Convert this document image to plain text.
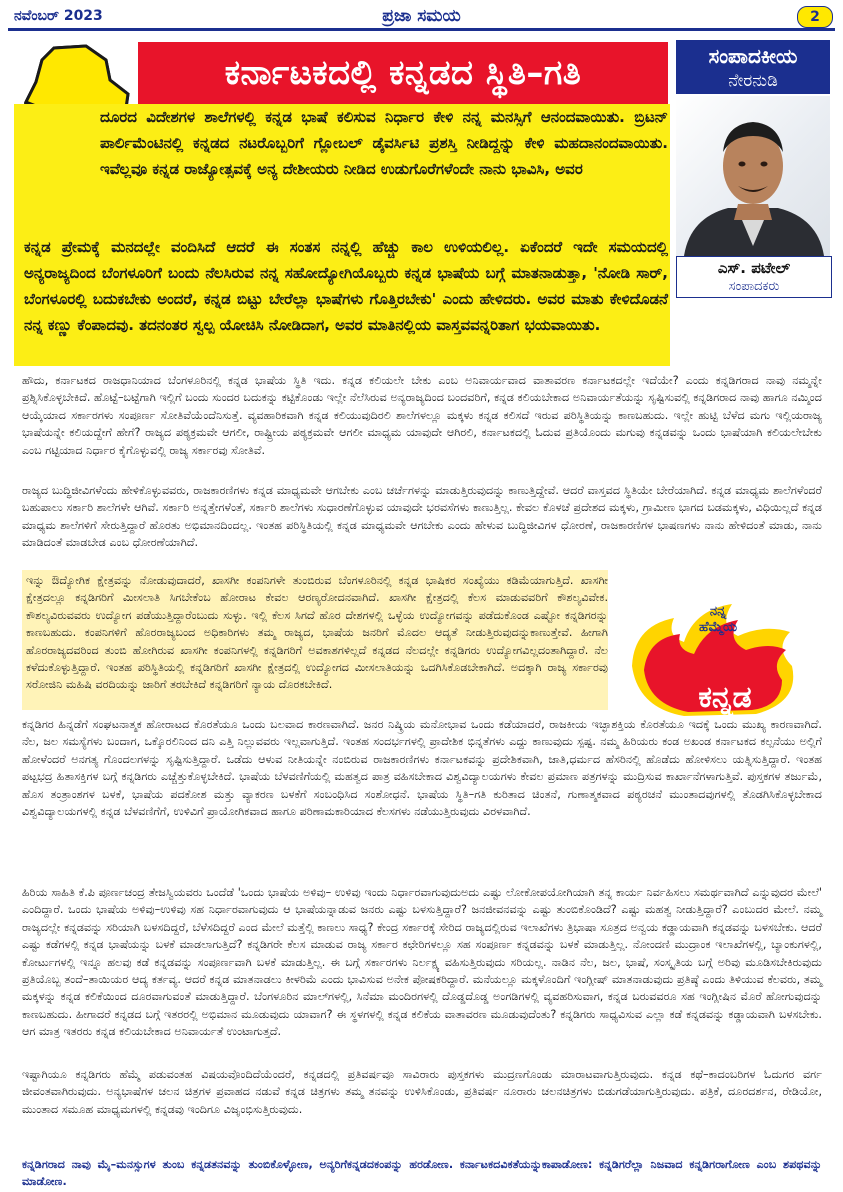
ನವೆಂಬರ್ 2023	ಪ್ರಜಾ ಸಮಯ	2
ಕರ್ನಾಟಕದಲ್ಲಿ ಕನ್ನಡದ ಸ್ಥಿತಿ–ಗತಿ
ದೂರದ ವಿದೇಶಗಳ ಶಾಲೆಗಳಲ್ಲಿ ಕನ್ನಡ ಭಾಷೆ ಕಲಿಸುವ ನಿರ್ಧಾರ ಕೇಳಿ ನನ್ನ ಮನಸ್ಸಿಗೆ ಆನಂದವಾಯಿತು. ಬ್ರಿಟನ್ ಪಾರ್ಲಿಮೆಂಟಿನಲ್ಲಿ ಕನ್ನಡದ ನಟರೊಬ್ಬರಿಗೆ ಗ್ಲೋಬಲ್ ಡೈವರ್ಸಿಟಿ ಪ್ರಶಸ್ತಿ ನೀಡಿದ್ದನ್ನು ಕೇಳಿ ಮಹದಾನಂದವಾಯಿತು. ಇವೆಲ್ಲವೂ ಕನ್ನಡ ರಾಜ್ಯೋತ್ಸವಕ್ಕೆ ಅನ್ಯ ದೇಶೀಯರು ನೀಡಿದ ಉಡುಗೊರೆಗಳೆಂದೇ ನಾನು ಭಾವಿಸಿ, ಅವರ
ಕನ್ನಡ ಪ್ರೇಮಕ್ಕೆ ಮನದಲ್ಲೇ ವಂದಿಸಿದೆ ಆದರೆ ಈ ಸಂತಸ ನನ್ನಲ್ಲಿ ಹೆಚ್ಚು ಕಾಲ ಉಳಿಯಲಿಲ್ಲ. ಏಕೆಂದರೆ ಇದೇ ಸಮಯದಲ್ಲಿ ಅನ್ಯರಾಜ್ಯದಿಂದ ಬೆಂಗಳೂರಿಗೆ ಬಂದು ನೆಲಸಿರುವ ನನ್ನ ಸಹೋದ್ಯೋಗಿಯೊಬ್ಬರು ಕನ್ನಡ ಭಾಷೆಯ ಬಗ್ಗೆ ಮಾತನಾಡುತ್ತಾ, 'ನೋಡಿ ಸಾರ್, ಬೆಂಗಳೂರಲ್ಲಿ ಬದುಕಬೇಕು ಅಂದರೆ, ಕನ್ನಡ ಬಿಟ್ಟು ಬೇರೆಲ್ಲಾ ಭಾಷೆಗಳು ಗೊತ್ತಿರಬೇಕು' ಎಂದು ಹೇಳಿದರು. ಅವರ ಮಾತು ಕೇಳಿದೊಡನೆ ನನ್ನ ಕಣ್ಣು ಕೆಂಪಾದವು. ತದನಂತರ ಸ್ವಲ್ಪ ಯೋಚಿಸಿ ನೋಡಿದಾಗ, ಅವರ ಮಾತಿನಲ್ಲಿಯ ವಾಸ್ತವವನ್ನರಿತಾಗ ಭಯವಾಯಿತು.
ಸಂಪಾದಕೀಯ
ನೇರನುಡಿ
ಎಸ್. ಪಟೇಲ್
ಸಂಪಾದಕರು
ಹೌದು, ಕರ್ನಾಟಕದ ರಾಜಧಾನಿಯಾದ ಬೆಂಗಳೂರಿನಲ್ಲಿ ಕನ್ನಡ ಭಾಷೆಯ ಸ್ಥಿತಿ ಇದು. ಕನ್ನಡ ಕಲಿಯಲೇ ಬೇಕು ಎಂಬ ಅನಿವಾರ್ಯವಾದ ವಾತಾವರಣ ಕರ್ನಾಟಕದಲ್ಲೇ ಇದೆಯೇ? ಎಂದು ಕನ್ನಡಿಗರಾದ ನಾವು ನಮ್ಮನ್ನೇ ಪ್ರಶ್ನಿಸಿಕೊಳ್ಳಬೇಕಿದೆ. ಹೊಟ್ಟೆ–ಬಟ್ಟೆಗಾಗಿ ಇಲ್ಲಿಗೆ ಬಂದು ಸುಂದರ ಬದುಕನ್ನು ಕಟ್ಟಿಕೊಂಡು ಇಲ್ಲೇ ನೆಲೆಸಿರುವ ಅನ್ಯರಾಜ್ಯದಿಂದ ಬಂದವರಿಗೆ, ಕನ್ನಡ ಕಲಿಯಬೇಕಾದ ಅನಿವಾರ್ಯತೆಯನ್ನು ಸೃಷ್ಟಿಸುವಲ್ಲಿ ಕನ್ನಡಿಗರಾದ ನಾವು ಹಾಗೂ ನಮ್ಮಿಂದ ಆಯ್ಕೆಯಾದ ಸರ್ಕಾರಗಳು ಸಂಪೂರ್ಣ ಸೋತಿವೆಯೆಂದೆನಿಸುತ್ತೆ. ವ್ಯವಹಾರಿಕವಾಗಿ ಕನ್ನಡ ಕಲಿಯುವುದಿರಲಿ ಶಾಲೆಗಳಲ್ಲೂ ಮಕ್ಕಳು ಕನ್ನಡ ಕಲಿಸದೆ ಇರುವ ಪರಿಸ್ಥಿತಿಯನ್ನು ಕಾಣಬಹುದು. ಇಲ್ಲೇ ಹುಟ್ಟಿ ಬೆಳೆದ ಮಗು ಇಲ್ಲಿಯರಾಜ್ಯ ಭಾಷೆಯನ್ನೇ ಕಲಿಯದ್ದೇಗೆ ಹೇಗೆ? ರಾಜ್ಯದ ಪಠ್ಯಕ್ರಮವೇ ಆಗಲೀ, ರಾಷ್ಟ್ರೀಯ ಪಠ್ಯಕ್ರಮವೇ ಆಗಲೀ ಮಾಧ್ಯಮ ಯಾವುದೇ ಆಗಿರಲಿ, ಕರ್ನಾಟಕದಲ್ಲಿ ಓದುವ ಪ್ರತಿಯೊಂದು ಮಗುವು ಕನ್ನಡವನ್ನು ಒಂದು ಭಾಷೆಯಾಗಿ ಕಲಿಯಲೇಬೇಕು ಎಂಬ ಗಟ್ಟಿಯಾದ ನಿರ್ಧಾರ ಕೈಗೊಳ್ಳುವಲ್ಲಿ ರಾಜ್ಯ ಸರ್ಕಾರವು ಸೋತಿವೆ.
ರಾಜ್ಯದ ಬುದ್ಧಿಜೀವಿಗಳೆಂದು ಹೇಳಿಕೊಳ್ಳುವವರು, ರಾಜಕಾರಣಿಗಳು ಕನ್ನಡ ಮಾಧ್ಯಮವೇ ಆಗಬೇಕು ಎಂಬ ಚರ್ಚೆಗಳನ್ನು ಮಾಡುತ್ತಿರುವುದನ್ನು ಕಾಣುತ್ತಿದ್ದೇವೆ. ಆದರೆ ವಾಸ್ತವದ ಸ್ಥಿತಿಯೇ ಬೇರೆಯಾಗಿದೆ. ಕನ್ನಡ ಮಾಧ್ಯಮ ಶಾಲೆಗಳೆಂದರೆ ಬಹುಪಾಲು ಸರ್ಕಾರಿ ಶಾಲೆಗಳೇ ಆಗಿವೆ. ಸರ್ಕಾರಿ ಅನ್ನತ್ತೇಗಳೆಂತೆ, ಸರ್ಕಾರಿ ಶಾಲೆಗಳು ಸುಧಾರಣೆಗೊಳ್ಳುವ ಯಾವುದೇ ಭರವಸೆಗಳು ಕಾಣುತ್ತಿಲ್ಲ. ಕೇವಲ ಕೊಳಚೆ ಪ್ರದೇಶದ ಮಕ್ಕಳು, ಗ್ರಾಮೀಣ ಭಾಗದ ಬಡಮಕ್ಕಳು, ವಿಧಿಯಿಲ್ಲದೆ ಕನ್ನಡ ಮಾಧ್ಯಮ ಶಾಲೆಗಳಿಗೆ ಸೇರುತ್ತಿದ್ದಾರೆ ಹೊರತು ಅಭಿಮಾನದಿಂದಲ್ಲ. ಇಂತಹ ಪರಿಸ್ಥಿತಿಯಲ್ಲಿ ಕನ್ನಡ ಮಾಧ್ಯಮವೇ ಆಗಬೇಕು ಎಂದು ಹೇಳುವ ಬುದ್ಧಿಜೀವಿಗಳ ಧೋರಣೆ, ರಾಜಕಾರಣಿಗಳ ಭಾಷಣಗಳು ನಾನು ಹೇಳಿದಂತೆ ಮಾಡು, ನಾನು ಮಾಡಿದಂತೆ ಮಾಡಬೇಡ ಎಂಬ ಧೋರಣೆಯಾಗಿದೆ.
ಇನ್ನು ಔದ್ಯೋಗಿಕ ಕ್ಷೇತ್ರವನ್ನು ನೋಡುವುದಾದರೆ, ಖಾಸಗೀ ಕಂಪನಿಗಳೇ ತುಂಬಿರುವ ಬೆಂಗಳೂರಿನಲ್ಲಿ ಕನ್ನಡ ಭಾಷಿಕರ ಸಂಖ್ಯೆಯು ಕಡಿಮೆಯಾಗುತ್ತಿದೆ. ಖಾಸಗೀ ಕ್ಷೇತ್ರದಲ್ಲೂ ಕನ್ನಡಿಗರಿಗೆ ಮೀಸಲಾತಿ ಸಿಗಬೇಕೆಂಬ ಹೋರಾಟ ಕೇವಲ ಆರಣ್ಯರೋದನವಾಗಿದೆ. ಖಾಸಗೀ ಕ್ಷೇತ್ರದಲ್ಲಿ ಕೆಲಸ ಮಾಡುವವರಿಗೆ ಕೌಶಲ್ಯವಿವೇಕ. ಕೌಶಲ್ಯವಿರುವವರು ಉದ್ಯೋಗ ಪಡೆಯುತ್ತಿದ್ದಾರೆಂಬುದು ಸುಳ್ಳು. ಇಲ್ಲಿ ಕೆಲಸ ಸಿಗದೆ ಹೊರ ದೇಶಗಳಲ್ಲಿ ಒಳ್ಳೆಯ ಉದ್ಯೋಗವನ್ನು ಪಡೆದುಕೊಂಡ ಎಷ್ಟೋ ಕನ್ನಡಿಗರನ್ನು ಕಾಣಬಹುದು. ಕಂಪನಿಗಳಿಗೆ ಹೊರರಾಜ್ಯಬಂದ ಅಧಿಕಾರಿಗಳು ತಮ್ಮ ರಾಜ್ಯದ, ಭಾಷೆಯ ಜನರಿಗೆ ಮೊದಲ ಆದ್ಯತೆ ನೀಡುತ್ತಿರುವುದನ್ನುಕಾಣುತ್ತೇವೆ. ಹೀಗಾಗಿ ಹೊರರಾಜ್ಯದವರಿಂದ ತುಂಬಿ ಹೋಗಿರುವ ಖಾಸಗೀ ಕಂಪನಿಗಳಲ್ಲಿ ಕನ್ನಡಿಗರಿಗೆ ಅವಕಾಶಗಳಿಲ್ಲದೆ ಕನ್ನಡದ ನೆಲದಲ್ಲೇ ಕನ್ನಡಿಗರು ಉದ್ಯೋಗವಿಲ್ಲದಂತಾಗಿದ್ದಾರೆ. ನೆಲ ಕಳೆದುಕೊಳ್ಳುತ್ತಿದ್ದಾರೆ. ಇಂತಹ ಪರಿಸ್ಥಿತಿಯಲ್ಲಿ ಕನ್ನಡಿಗರಿಗೆ ಖಾಸಗೀ ಕ್ಷೇತ್ರದಲ್ಲಿ ಉದ್ಯೋಗದ ಮೀಸಲಾತಿಯನ್ನು ಒದಗಿಸಿಕೊಡಬೇಕಾಗಿದೆ. ಅದಕ್ಕಾಗಿ ರಾಜ್ಯ ಸರ್ಕಾರವು ಸರೋಜಿನಿ ಮಹಿಷಿ ವರದಿಯನ್ನು ಜಾರಿಗೆ ತರಬೇಕಿದೆ ಕನ್ನಡಿಗರಿಗೆ ನ್ಯಾಯ ದೊರಕಬೇಕಿದೆ.
ನನ್ನ
ಹೆಮ್ಮೆಯ
ಕನ್ನಡ
ಕನ್ನಡಿಗರ ಹಿನ್ನಡೆಗೆ ಸಂಘಟನಾತ್ಮಕ ಹೋರಾಟದ ಕೊರತೆಯೂ ಒಂದು ಬಲವಾದ ಕಾರಣವಾಗಿದೆ. ಜನರ ನಿಷ್ಕ್ರಿಯ ಮನೋಭಾವ ಒಂದು ಕಡೆಯಾದರೆ, ರಾಜಕೀಯ ಇಚ್ಛಾಶಕ್ತಿಯ ಕೊರತೆಯೂ ಇದಕ್ಕೆ ಒಂದು ಮುಖ್ಯ ಕಾರಣವಾಗಿದೆ. ನೆಲ, ಜಲ ಸಮಸ್ಯೆಗಳು ಬಂದಾಗ, ಒಕ್ಕೊರಲಿನಿಂದ ದನಿ ಎತ್ತಿ ನಿಲ್ಲುವವರು ಇಲ್ಲವಾಗುತ್ತಿದೆ. ಇಂತಹ ಸಂದರ್ಭಗಳಲ್ಲಿ ಪ್ರಾದೇಶಿಕ ಭಿನ್ನತೆಗಳು ಎದ್ದು ಕಾಣುವುದು ಸ್ಪಷ್ಟ. ನಮ್ಮ ಹಿರಿಯರು ಕಂಡ ಅಖಂಡ ಕರ್ನಾಟಕದ ಕಲ್ಪನೆಯು ಅಲ್ಲಿಗೆ ಹೋಳೆಂದರೆ ಅನಗತ್ಯ ಗೊಂದಲಗಳನ್ನು ಸೃಷ್ಟಿಸುತ್ತಿದ್ದಾರೆ. ಒಡೆದು ಆಳುವ ನೀತಿಯನ್ನೇ ನಂಬಿರುವ ರಾಜಕಾರಣಿಗಳು ಕರ್ನಾಟಕವನ್ನು ಪ್ರದೇಶಿಕವಾಗಿ, ಜಾತಿ,ಧರ್ಮದ ಹೆಸರಿನಲ್ಲಿ ಹೊಡೆದು ಹೋಳಿಸಲು ಯತ್ನಿಸುತ್ತಿದ್ದಾರೆ. ಇಂತಹ ಪಟ್ಟಭದ್ರ ಹಿತಾಸಕ್ತಿಗಳ ಬಗ್ಗೆ ಕನ್ನಡಿಗರು ಎಚ್ಚೆತ್ತುಕೊಳ್ಳಬೇಕಿದೆ. ಭಾಷೆಯ ಬೆಳವಣಿಗೆಯಲ್ಲಿ ಮಹತ್ವದ ಪಾತ್ರ ವಹಿಸಬೇಕಾದ ವಿಶ್ವವಿದ್ಯಾಲಯಗಳು ಕೇವಲ ಪ್ರಮಾಣ ಪತ್ರಗಳನ್ನು ಮುದ್ರಿಸುವ ಕಾರ್ಖಾನೆಗಳಾಗುತ್ತಿವೆ. ಪುಸ್ತಕಗಳ ತರ್ಜುಮೆ, ಹೊಸ ತಂತ್ರಾಂಶಗಳ ಬಳಕೆ, ಭಾಷೆಯ ಪದಕೋಶ ಮತ್ತು ವ್ಯಾಕರಣ ಬಳಕೆಗೆ ಸಂಬಂಧಿಸಿದ ಸಂಶೋಧನೆ. ಭಾಷೆಯ ಸ್ಥಿತಿ–ಗತಿ ಕುರಿತಾದ ಚಿಂತನೆ, ಗುಣಾತ್ಮಕವಾದ ಪಠ್ಯರಚನೆ ಮುಂತಾದವುಗಳಲ್ಲಿ ತೊಡಗಿಸಿಕೊಳ್ಳಬೇಕಾದ ವಿಶ್ವವಿದ್ಯಾಲಯಗಳಲ್ಲಿ ಕನ್ನಡ ಬೆಳವಣಿಗೆಗೆ, ಉಳಿವಿಗೆ ಪ್ರಾಯೋಗಿಕವಾದ ಹಾಗೂ ಪರಿಣಾಮಕಾರಿಯಾದ ಕೆಲಸಗಳು ನಡೆಯುತ್ತಿರುವುದು ವಿರಳವಾಗಿದೆ.
ಹಿರಿಯ ಸಾಹಿತಿ ಕೆ.ಪಿ ಪೂರ್ಣಚಂದ್ರ ತೇಜಸ್ವಿಯವರು ಒಂದೆಡೆ 'ಒಂದು ಭಾಷೆಯ ಅಳಿವು– ಉಳಿವು ಇಂದು ನಿರ್ಧಾರವಾಗುವುದುಅದು ಎಷ್ಟು ಲೋಕೋಪಯೋಗಿಯಾಗಿ ತನ್ನ ಕಾರ್ಯ ನಿರ್ವಹಿಸಲು ಸಮರ್ಥವಾಗಿದೆ ಎನ್ನುವುದರ ಮೇಲೆ' ಎಂದಿದ್ದಾರೆ. ಒಂದು ಭಾಷೆಯ ಅಳಿವು–ಉಳಿವು ಸಹ ನಿರ್ಧಾರವಾಗುವುದು ಆ ಭಾಷೆಯನ್ನಾಡುವ ಜನರು ಎಷ್ಟು ಬಳಸುತ್ತಿದ್ದಾರೆ? ಜನಜೀವನವನ್ನು ಎಷ್ಟು ತುಂಬಿಕೊಂಡಿದೆ? ಎಷ್ಟು ಮಹತ್ವ ನೀಡುತ್ತಿದ್ದಾರೆ? ಎಂಬುದರ ಮೇಲೆ. ನಮ್ಮ ರಾಜ್ಯದಲ್ಲೇ ಕನ್ನಡವನ್ನು ಸರಿಯಾಗಿ ಬಳಸದಿದ್ದರೆ, ಬೆಳೆಸದಿದ್ದರೆ ಎಂದ ಮೇಲೆ ಮತ್ತೆಲ್ಲಿ ಕಾಣಲು ಸಾಧ್ಯ? ಕೇಂದ್ರ ಸರ್ಕಾರಕ್ಕೆ ಸೇರಿದ ರಾಜ್ಯದಲ್ಲಿರುವ ಇಲಾಖೆಗಳು ತ್ರಿಭಾಷಾ ಸೂತ್ರದ ಅನ್ವಯ ಕಡ್ಡಾಯವಾಗಿ ಕನ್ನಡವನ್ನು ಬಳಸಬೇಕು. ಆದರೆ ಎಷ್ಟು ಕಡೆಗಳಲ್ಲಿ ಕನ್ನಡ ಭಾಷೆಯನ್ನು ಬಳಕೆ ಮಾಡಲಾಗುತ್ತಿದೆ? ಕನ್ನಡಿಗರೇ ಕೆಲಸ ಮಾಡುವ ರಾಜ್ಯ ಸರ್ಕಾರ ಕಛೇರಿಗಳಲ್ಲೂ ಸಹ ಸಂಪೂರ್ಣ ಕನ್ನಡವನ್ನು ಬಳಕೆ ಮಾಡುತ್ತಿಲ್ಲ. ನೋಂದಣಿ ಮುದ್ರಾಂಕ ಇಲಾಖೆಗಳಲ್ಲಿ, ಬ್ಯಾಂಕುಗಳಲ್ಲಿ, ಕೋರ್ಟುಗಳಲ್ಲಿ ಇನ್ನೂ ಹಲವು ಕಡೆ ಕನ್ನಡವನ್ನು ಸಂಪೂರ್ಣವಾಗಿ ಬಳಕೆ ಮಾಡುತ್ತಿಲ್ಲ. ಈ ಬಗ್ಗೆ ಸರ್ಕಾರಗಳು ನಿರ್ಲಕ್ಷ್ಯ ವಹಿಸುತ್ತಿರುವುದು ಸರಿಯಲ್ಲ. ನಾಡಿನ ನೆಲ, ಜಲ, ಭಾಷೆ, ಸಂಸ್ಕೃತಿಯ ಬಗ್ಗೆ ಅರಿವು ಮೂಡಿಸಬೇಕಿರುವುದು ಪ್ರತಿಯೊಬ್ಬ ತಂದೆ–ತಾಯಿಯರ ಆದ್ಯ ಕರ್ತವ್ಯ. ಆದರೆ ಕನ್ನಡ ಮಾತನಾಡಲು ಕೀಳರಿಮೆ ಎಂದು ಭಾವಿಸುವ ಅನೇಕ ಪೋಷಕರಿದ್ದಾರೆ. ಮನೆಯಲ್ಲೂ ಮಕ್ಕಳೊಂದಿಗೆ ಇಂಗ್ಲೀಷ್ ಮಾತನಾಡುವುದು ಪ್ರತಿಷ್ಠೆ ಎಂದು ತಿಳಿಯುವ ಕೆಲವರು, ತಮ್ಮ ಮಕ್ಕಳನ್ನು ಕನ್ನಡ ಕಲಿಕೆಯಿಂದ ದೂರವಾಗುವಂತೆ ಮಾಡುತ್ತಿದ್ದಾರೆ. ಬೆಂಗಳೂರಿನ ಮಾಲ್‍ಗಳಲ್ಲಿ, ಸಿನೆಮಾ ಮಂದಿರಗಳಲ್ಲಿ ದೊಡ್ಡದೊಡ್ಡ ಅಂಗಡಿಗಳಲ್ಲಿ ವ್ಯವಹರಿಸುವಾಗ, ಕನ್ನಡ ಬರುವವರೂ ಸಹ ಇಂಗ್ಲೀಷಿನ ಮೊರೆ ಹೋಗುವುದನ್ನು ಕಾಣಬಹುದು. ಹೀಗಾದರೆ ಕನ್ನಡದ ಬಗ್ಗೆ ಇತರರಲ್ಲಿ ಅಭಿಮಾನ ಮೂಡುವುದು ಯಾವಾಗ? ಈ ಸ್ಥಳಗಳಲ್ಲಿ ಕನ್ನಡ ಕಲಿಕೆಯ ವಾತಾವರಣ ಮೂಡುವುದೆಂತು? ಕನ್ನಡಿಗರು ಸಾಧ್ಯವಿಸುವ ಎಲ್ಲಾ ಕಡೆ ಕನ್ನಡವನ್ನು ಕಡ್ಡಾಯವಾಗಿ ಬಳಸಬೇಕು. ಆಗ ಮಾತ್ರ ಇತರರು ಕನ್ನಡ ಕಲಿಯಬೇಕಾದ ಅನಿವಾರ್ಯತೆ ಉಂಟಾಗುತ್ತದೆ.
ಇಷ್ಟಾಗಿಯೂ ಕನ್ನಡಿಗರು ಹೆಮ್ಮೆ ಪಡುವಂತಹ ವಿಷಯವೊಂದಿದೆಯೆಂದರೆ, ಕನ್ನಡದಲ್ಲಿ ಪ್ರತಿವರ್ಷವೂ ಸಾವಿರಾರು ಪುಸ್ತಕಗಳು ಮುದ್ರಣಗೊಂಡು ಮಾರಾಟವಾಗುತ್ತಿರುವುದು. ಕನ್ನಡ ಕಥೆ–ಕಾದಂಬರಿಗಳ ಓದುಗರ ವರ್ಗ ಜೀವಂತವಾಗಿರುವುದು. ಅನ್ಯಭಾಷೆಗಳ ಚಲನ ಚಿತ್ರಗಳ ಪ್ರವಾಹದ ನಡುವೆ ಕನ್ನಡ ಚಿತ್ರಗಳು ತಮ್ಮ ತನವನ್ನು ಉಳಿಸಿಕೊಂಡು, ಪ್ರತಿವರ್ಷ ನೂರಾರು ಚಲನಚಿತ್ರಗಳು ಬಿಡುಗಡೆಯಾಗುತ್ತಿರುವುದು. ಪತ್ರಿಕೆ, ದೂರದರ್ಶನ, ರೇಡಿಯೋ, ಮುಂತಾದ ಸಮೂಹ ಮಾಧ್ಯಮಗಳಲ್ಲಿ ಕನ್ನಡವು ಇಂದಿಗೂ ವಿಜೃಂಭಿಸುತ್ತಿರುವುದು.
ಕನ್ನಡಿಗರಾದ ನಾವು ಮೈ–ಮನಸ್ಸುಗಳ ತುಂಬ ಕನ್ನಡತನವನ್ನು ತುಂಬಿಕೊಳ್ಳೋಣ, ಅನ್ಯರಿಗೆಕನ್ನಡದಕಂಪನ್ನು ಹರಡೋಣ. ಕರ್ನಾಟಕದವಿಕತೆಯನ್ನುಕಾಪಾಡೋಣ: ಕನ್ನಡಿಗರೆಲ್ಲಾ ನಿಜವಾದ ಕನ್ನಡಿಗರಾಗೋಣ ಎಂಬ ಶಪಥವನ್ನು ಮಾಡೋಣ.
